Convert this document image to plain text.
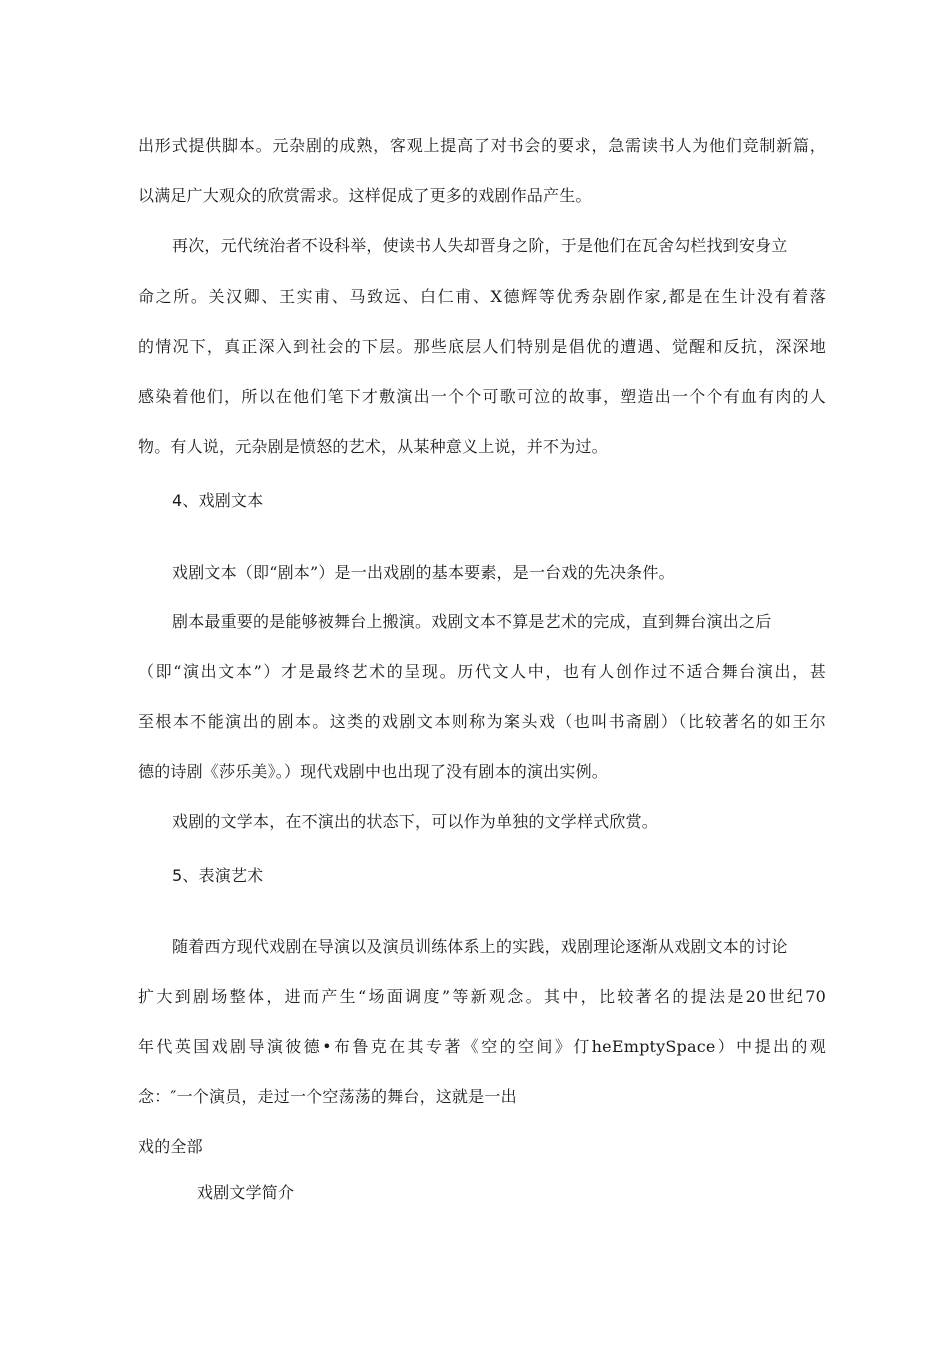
出形式提供脚本。元杂剧的成熟，客观上提高了对书会的要求，急需读书人为他们竞制新篇，
以满足广大观众的欣赏需求。这样促成了更多的戏剧作品产生。
再次，元代统治者不设科举，使读书人失却晋身之阶，于是他们在瓦舍勾栏找到安身立
命之所。关汉卿、王实甫、马致远、白仁甫、X德辉等优秀杂剧作家,都是在生计没有着落
的情况下，真正深入到社会的下层。那些底层人们特别是倡优的遭遇、觉醒和反抗，深深地
感染着他们，所以在他们笔下才敷演出一个个可歌可泣的故事，塑造出一个个有血有肉的人
物。有人说，元杂剧是愤怒的艺术，从某种意义上说，并不为过。
4、戏剧文本
戏剧文本（即“剧本”）是一出戏剧的基本要素，是一台戏的先决条件。
剧本最重要的是能够被舞台上搬演。戏剧文本不算是艺术的完成，直到舞台演出之后
（即“演出文本”）才是最终艺术的呈现。历代文人中，也有人创作过不适合舞台演出，甚
至根本不能演出的剧本。这类的戏剧文本则称为案头戏（也叫书斋剧）（比较著名的如王尔
德的诗剧《莎乐美》。）现代戏剧中也出现了没有剧本的演出实例。
戏剧的文学本，在不演出的状态下，可以作为单独的文学样式欣赏。
5、表演艺术
随着西方现代戏剧在导演以及演员训练体系上的实践，戏剧理论逐渐从戏剧文本的讨论
扩大到剧场整体，进而产生“场面调度”等新观念。其中，比较著名的提法是20世纪70
年代英国戏剧导演彼德•布鲁克在其专著《空的空间》仃heEmptySpace）中提出的观
念：″一个演员，走过一个空荡荡的舞台，这就是一出
戏的全部
戏剧文学简介
